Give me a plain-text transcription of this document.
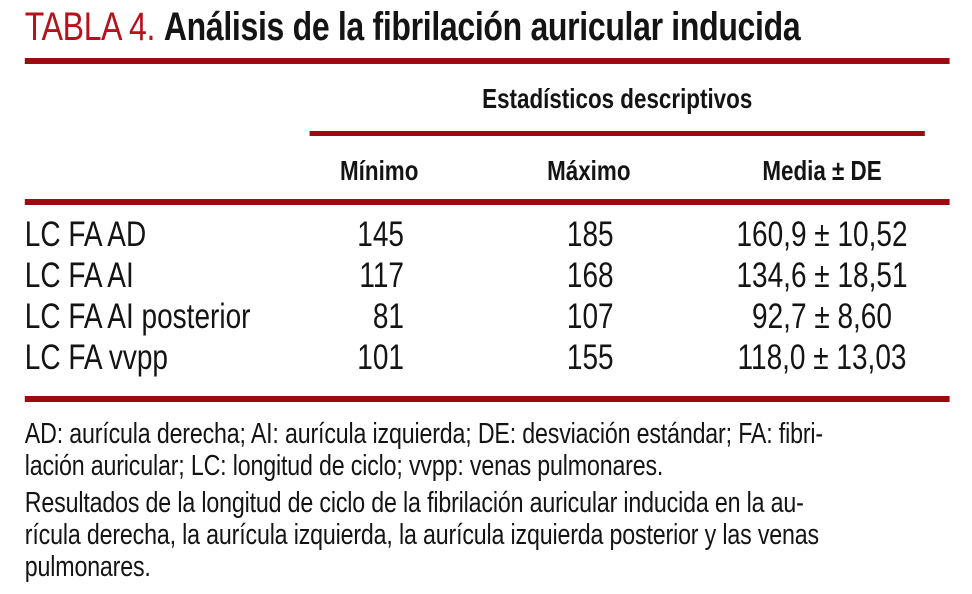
TABLA 4. Análisis de la fibrilación auricular inducida
Estadísticos descriptivos
Mínimo	Máximo	Media ± DE
LC FA AD	145	185	160,9 ± 10,52
LC FA AI	117	168	134,6 ± 18,51
LC FA AI posterior	81	107	92,7 ± 8,60
LC FA vvpp	101	155	118,0 ± 13,03
AD: aurícula derecha; AI: aurícula izquierda; DE: desviación estándar; FA: fibri-
lación auricular; LC: longitud de ciclo; vvpp: venas pulmonares.
Resultados de la longitud de ciclo de la fibrilación auricular inducida en la au-
rícula derecha, la aurícula izquierda, la aurícula izquierda posterior y las venas
pulmonares.
